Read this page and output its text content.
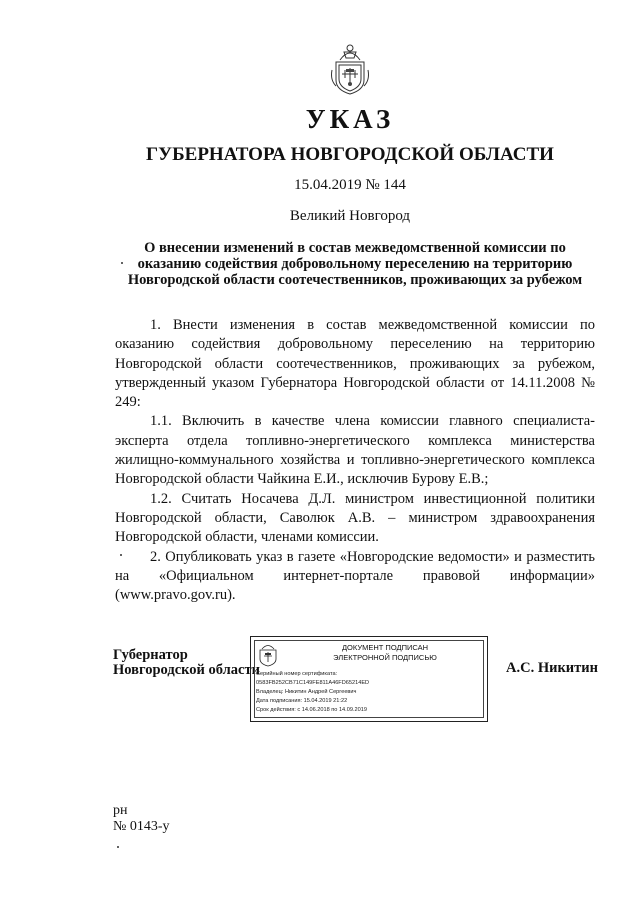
УКАЗ
ГУБЕРНАТОРА НОВГОРОДСКОЙ ОБЛАСТИ
15.04.2019 № 144
Великий Новгород
О внесении изменений в состав межведомственной комиссии по
оказанию содействия добровольному переселению на территорию
Новгородской области соотечественников, проживающих за рубежом

1. Внести изменения в состав межведомственной комиссии по оказанию содействия добровольному переселению на территорию Новгородской области соотечественников, проживающих за рубежом, утвержденный указом Губернатора Новгородской области от 14.11.2008 № 249:

1.1. Включить в качестве члена комиссии главного специалиста-эксперта отдела топливно-энергетического комплекса министерства жилищно-коммунального хозяйства и топливно-энергетического комплекса Новгородской области Чайкина Е.И., исключив Бурову Е.В.;

1.2. Считать Носачева Д.Л. министром инвестиционной политики Новгородской области, Саволюк А.В. – министром здравоохранения Новгородской области, членами комиссии.

2. Опубликовать указ в газете «Новгородские ведомости» и разместить на «Официальном интернет-портале правовой информации» (www.pravo.gov.ru).

Губернатор
Новгородской области
ДОКУМЕНТ ПОДПИСАН
ЭЛЕКТРОННОЙ ПОДПИСЬЮ
Серийный номер сертификата:
0583FB252CB71C149FE811A46FD65214ED
Владелец: Никитин Андрей Сергеевич
Дата подписания: 15.04.2019 21:22
Срок действия: с 14.06.2018 по 14.09.2019
А.С. Никитин
рн
№ 0143-у
